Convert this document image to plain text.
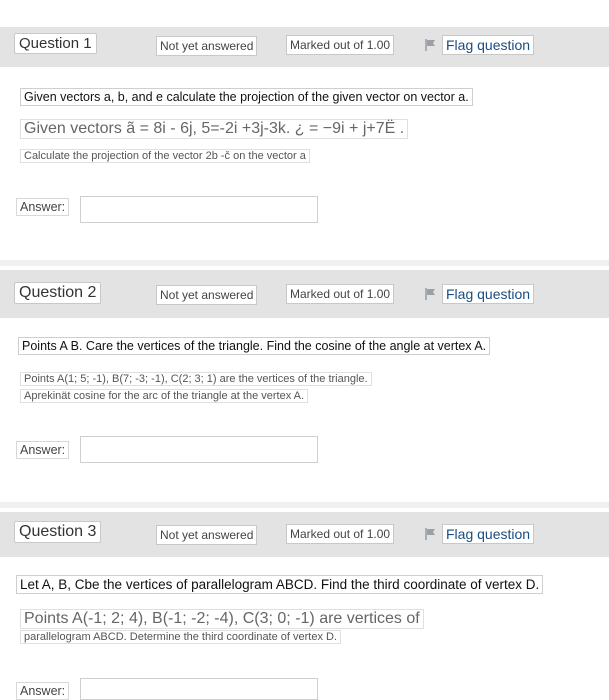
Question 1	Not yet answered	Marked out of 1.00	Flag question
Given vectors a, b, and e calculate the projection of the given vector on vector a.
Given vectors ã = 8i - 6j, 5=-2i +3j-3k. ¿ = −9i + j+7Ë .
Calculate the projection of the vector 2b -č on the vector a
Answer:
Question 2	Not yet answered	Marked out of 1.00	Flag question
Points A B. Care the vertices of the triangle. Find the cosine of the angle at vertex A.
Points A(1; 5; -1), B(7; -3; -1), C(2; 3; 1) are the vertices of the triangle.
Aprekinät cosine for the arc of the triangle at the vertex A.
Answer:
Question 3	Not yet answered	Marked out of 1.00	Flag question
Let A, B, Cbe the vertices of parallelogram ABCD. Find the third coordinate of vertex D.
Points A(-1; 2; 4), B(-1; -2; -4), C(3; 0; -1) are vertices of
parallelogram ABCD. Determine the third coordinate of vertex D.
Answer:
